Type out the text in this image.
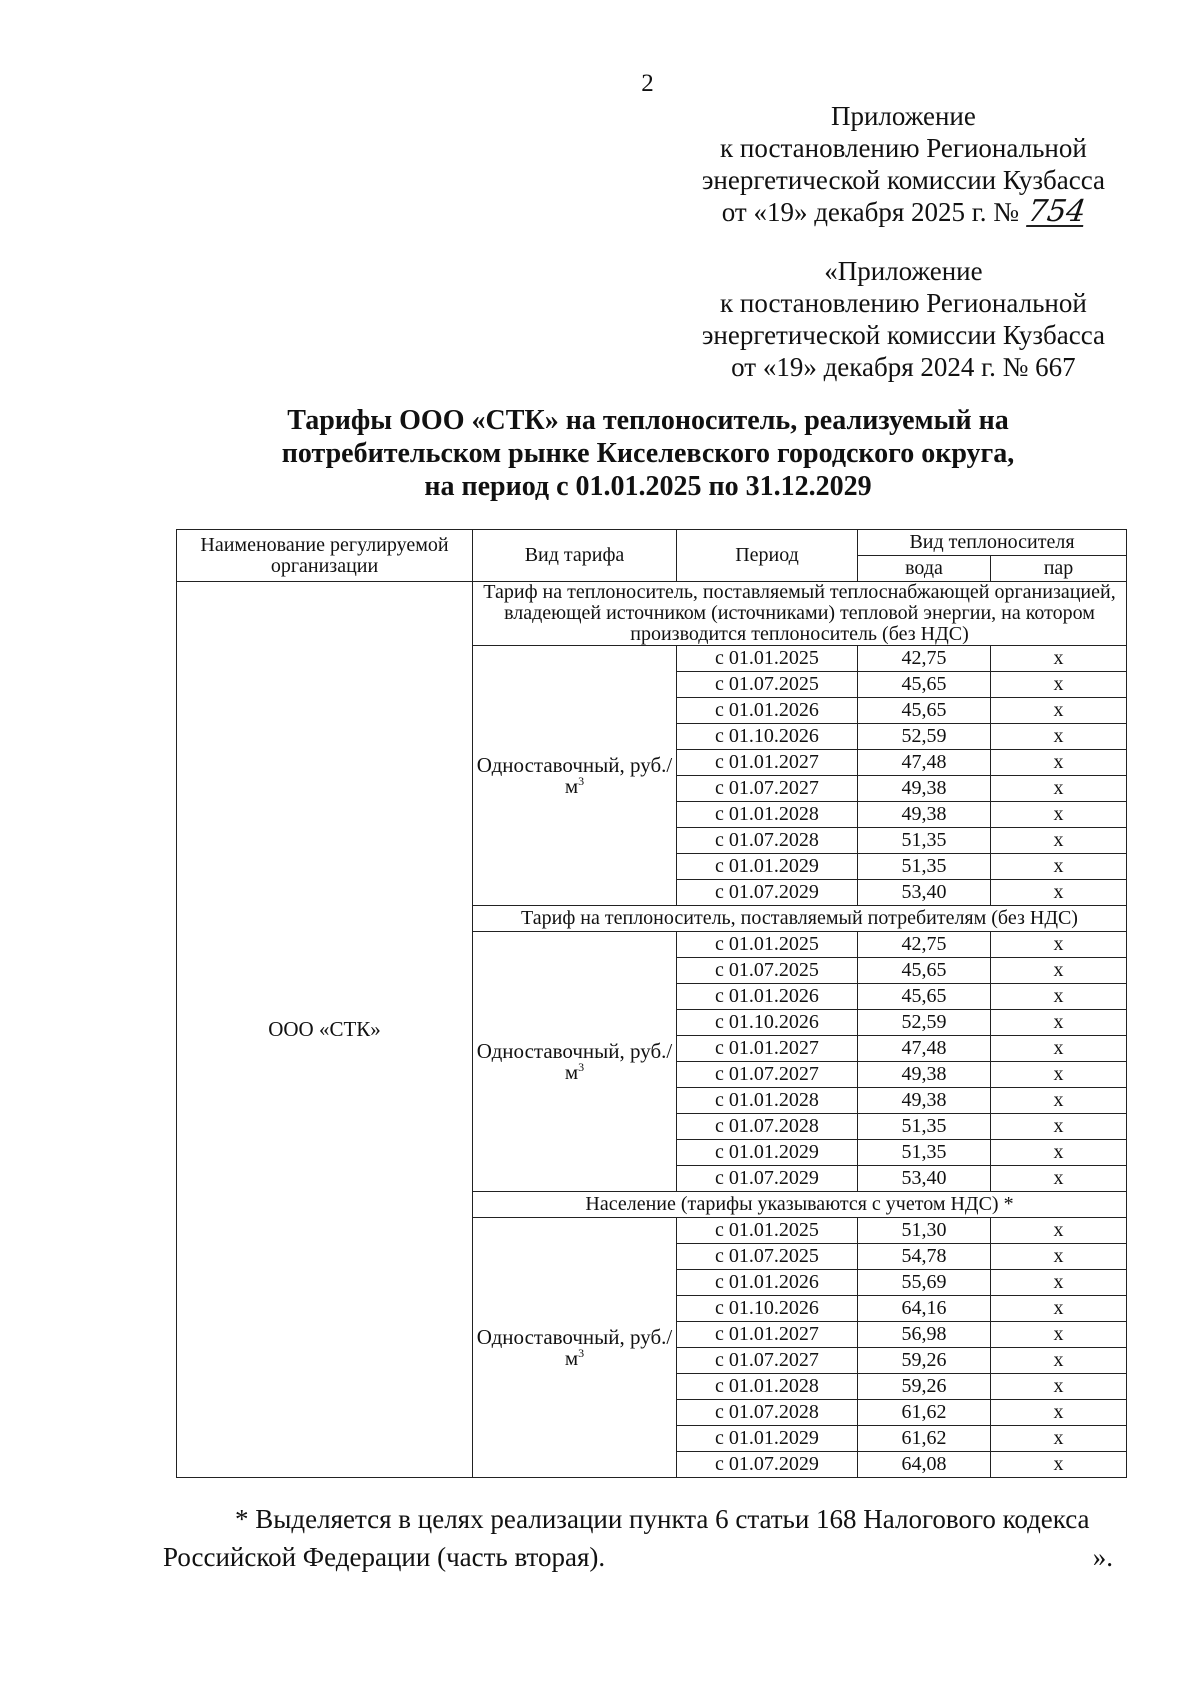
2
Приложение
к постановлению Региональной
энергетической комиссии Кузбасса
от «19» декабря 2025 г. № 754
«Приложение
к постановлению Региональной
энергетической комиссии Кузбасса
от «19» декабря 2024 г. № 667
Тарифы ООО «СТК» на теплоноситель, реализуемый на
потребительском рынке Киселевского городского округа,
на период с 01.01.2025 по 31.12.2029
Наименование регулируемой организации	Вид тарифа	Период	Вид теплоносителя	
			вода	пар
ООО «СТК»	Тариф на теплоноситель, поставляемый теплоснабжающей организацией, владеющей источником (источниками) тепловой энергии, на котором производится теплоноситель (без НДС)			
	Одноставочный, $руб./м^3$	с 01.01.2025	42,75	х
		с 01.07.2025	45,65	х
		с 01.01.2026	45,65	х
		с 01.10.2026	52,59	х
		с 01.01.2027	47,48	х
		с 01.07.2027	49,38	х
		с 01.01.2028	49,38	х
		с 01.07.2028	51,35	х
		с 01.01.2029	51,35	х
		с 01.07.2029	53,40	х
	Тариф на теплоноситель, поставляемый потребителям (без НДС)			
	Одноставочный, $руб./м^3$	с 01.01.2025	42,75	х
		с 01.07.2025	45,65	х
		с 01.01.2026	45,65	х
		с 01.10.2026	52,59	х
		с 01.01.2027	47,48	х
		с 01.07.2027	49,38	х
		с 01.01.2028	49,38	х
		с 01.07.2028	51,35	х
		с 01.01.2029	51,35	х
		с 01.07.2029	53,40	х
	Население (тарифы указываются с учетом НДС) *			
	Одноставочный, $руб./м^3$	с 01.01.2025	51,30	х
		с 01.07.2025	54,78	х
		с 01.01.2026	55,69	х
		с 01.10.2026	64,16	х
		с 01.01.2027	56,98	х
		с 01.07.2027	59,26	х
		с 01.01.2028	59,26	х
		с 01.07.2028	61,62	х
		с 01.01.2029	61,62	х
		с 01.07.2029	64,08	х
* Выделяется в целях реализации пункта 6 статьи 168 Налогового кодекса
Российской Федерации (часть вторая).	».
